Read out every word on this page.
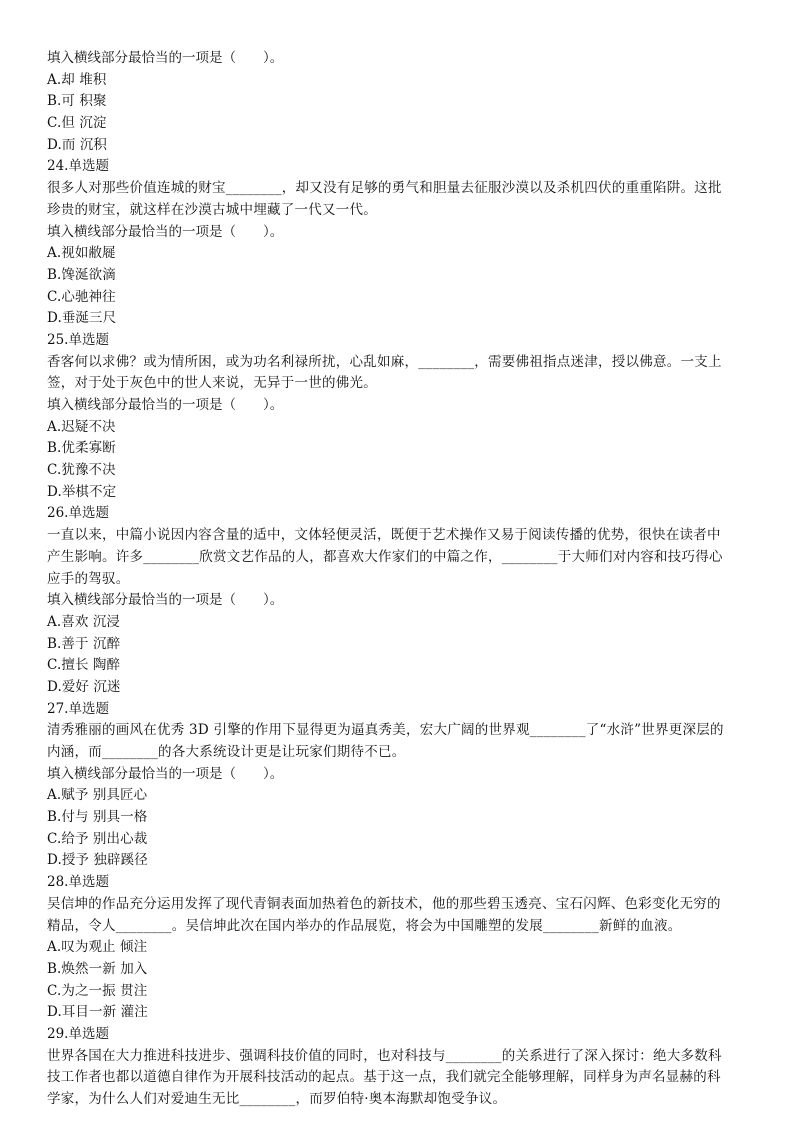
填入横线部分最恰当的一项是（　　）。
A.却 堆积
B.可 积聚
C.但 沉淀
D.而 沉积
24.单选题
很多人对那些价值连城的财宝________，却又没有足够的勇气和胆量去征服沙漠以及杀机四伏的重重陷阱。这批
珍贵的财宝，就这样在沙漠古城中埋藏了一代又一代。
填入横线部分最恰当的一项是（　　）。
A.视如敝屣
B.馋涎欲滴
C.心驰神往
D.垂涎三尺
25.单选题
香客何以求佛？或为情所困，或为功名利禄所扰，心乱如麻，________，需要佛祖指点迷津，授以佛意。一支上
签，对于处于灰色中的世人来说，无异于一世的佛光。
填入横线部分最恰当的一项是（　　）。
A.迟疑不决
B.优柔寡断
C.犹豫不决
D.举棋不定
26.单选题
一直以来，中篇小说因内容含量的适中，文体轻便灵活，既便于艺术操作又易于阅读传播的优势，很快在读者中
产生影响。许多________欣赏文艺作品的人，都喜欢大作家们的中篇之作，________于大师们对内容和技巧得心
应手的驾驭。
填入横线部分最恰当的一项是（　　）。
A.喜欢 沉浸
B.善于 沉醉
C.擅长 陶醉
D.爱好 沉迷
27.单选题
清秀雅丽的画风在优秀 3D 引擎的作用下显得更为逼真秀美，宏大广阔的世界观________了“水浒”世界更深层的
内涵，而________的各大系统设计更是让玩家们期待不已。
填入横线部分最恰当的一项是（　　）。
A.赋予 别具匠心
B.付与 别具一格
C.给予 别出心裁
D.授予 独辟蹊径
28.单选题
吴信坤的作品充分运用发挥了现代青铜表面加热着色的新技术，他的那些碧玉透亮、宝石闪辉、色彩变化无穷的
精品，令人________。吴信坤此次在国内举办的作品展览，将会为中国雕塑的发展________新鲜的血液。
A.叹为观止 倾注
B.焕然一新 加入
C.为之一振 贯注
D.耳目一新 灌注
29.单选题
世界各国在大力推进科技进步、强调科技价值的同时，也对科技与________的关系进行了深入探讨：绝大多数科
技工作者也都以道德自律作为开展科技活动的起点。基于这一点，我们就完全能够理解，同样身为声名显赫的科
学家，为什么人们对爱迪生无比________，而罗伯特·奥本海默却饱受争议。
